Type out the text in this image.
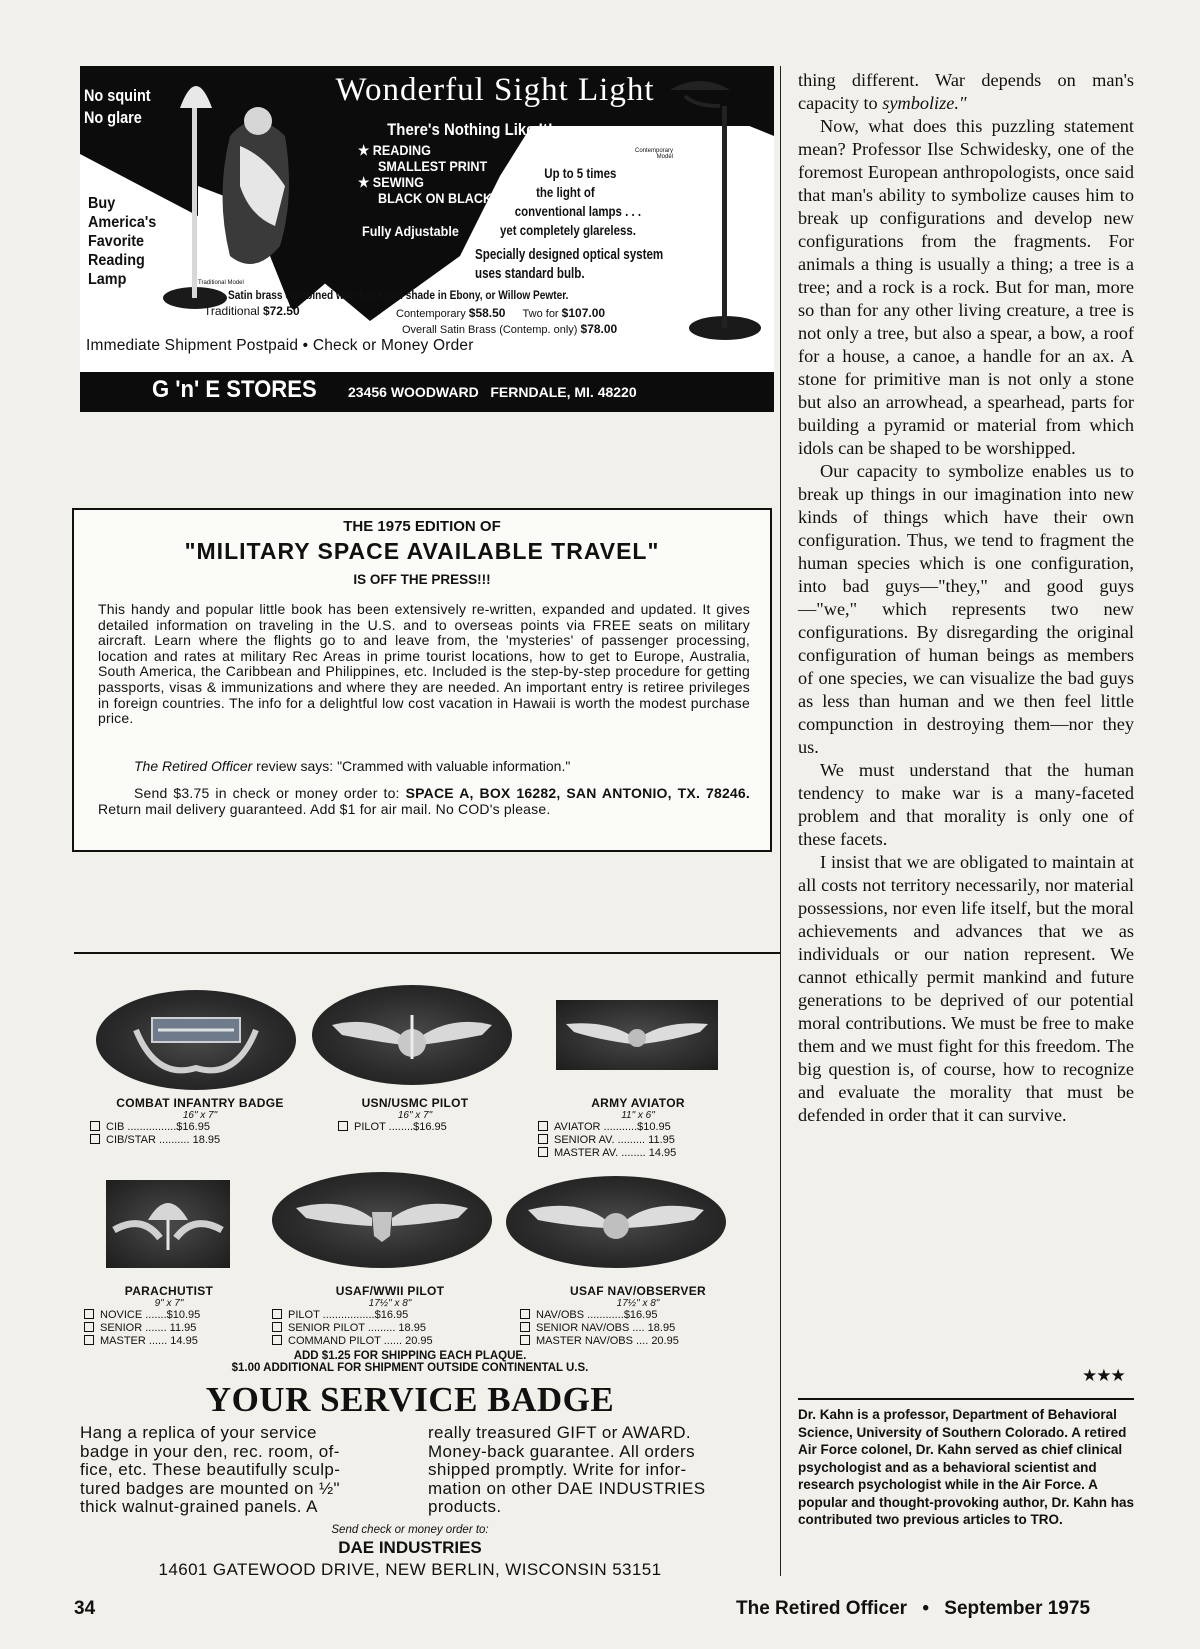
Wonderful Sight Light
There's Nothing Like It!
No squint
No glare
Buy
America's
Favorite
Reading
Lamp
★ READING
SMALLEST PRINT
★ SEWING
BLACK ON BLACK
Fully Adjustable
Contemporary Model
Traditional Model
Up to 5 times
the light of
conventional lamps . . .
yet completely glareless.
Specially designed optical system
uses standard bulb.
Satin brass combined with base and shade in Ebony, or Willow Pewter.
Traditional $72.50	Contemporary $58.50 Two for $107.00
Overall Satin Brass (Contemp. only) $78.00
Immediate Shipment Postpaid • Check or Money Order
G 'n' E STORES 23456 WOODWARD   FERNDALE, MI. 48220
THE 1975 EDITION OF
"MILITARY SPACE AVAILABLE TRAVEL"
IS OFF THE PRESS!!!
This handy and popular little book has been extensively re-written, expanded and updated. It gives detailed information on traveling in the U.S. and to overseas points via FREE seats on military aircraft. Learn where the flights go to and leave from, the 'mysteries' of passenger processing, location and rates at military Rec Areas in prime tourist locations, how to get to Europe, Australia, South America, the Caribbean and Philippines, etc. Included is the step-by-step procedure for getting passports, visas & immunizations and where they are needed. An important entry is retiree privileges in foreign countries. The info for a delightful low cost vacation in Hawaii is worth the modest purchase price.
The Retired Officer review says: "Crammed with valuable information."
Send $3.75 in check or money order to: SPACE A, BOX 16282, SAN ANTONIO, TX. 78246. Return mail delivery guaranteed. Add $1 for air mail. No COD's please.
COMBAT INFANTRY BADGE
16" x 7"
CIB ................$16.95
CIB/STAR .......... 18.95
USN/USMC PILOT
16" x 7"
PILOT ........$16.95
ARMY AVIATOR
11" x 6"
AVIATOR ...........$10.95
SENIOR AV. ......... 11.95
MASTER AV. ........ 14.95
PARACHUTIST
9" x 7"
NOVICE .......$10.95
SENIOR ....... 11.95
MASTER ...... 14.95
USAF/WWII PILOT
17½" x 8"
PILOT .................$16.95
SENIOR PILOT ......... 18.95
COMMAND PILOT ...... 20.95
USAF NAV/OBSERVER
17½" x 8"
NAV/OBS ............$16.95
SENIOR NAV/OBS .... 18.95
MASTER NAV/OBS .... 20.95
ADD $1.25 FOR SHIPPING EACH PLAQUE.
$1.00 ADDITIONAL FOR SHIPMENT OUTSIDE CONTINENTAL U.S.
YOUR SERVICE BADGE
Hang a replica of your service
badge in your den, rec. room, of-
fice, etc. These beautifully sculp-
tured badges are mounted on ½"
thick walnut-grained panels. A
really treasured GIFT or AWARD.
Money-back guarantee. All orders
shipped promptly. Write for infor-
mation on other DAE INDUSTRIES
products.
Send check or money order to:
DAE INDUSTRIES
14601 GATEWOOD DRIVE, NEW BERLIN, WISCONSIN 53151

thing different. War depends on man's capacity to symbolize."

Now, what does this puzzling statement mean? Professor Ilse Schwidesky, one of the foremost European anthropologists, once said that man's ability to symbolize causes him to break up configurations and develop new configurations from the fragments. For animals a thing is usually a thing; a tree is a tree; and a rock is a rock. But for man, more so than for any other living creature, a tree is not only a tree, but also a spear, a bow, a roof for a house, a canoe, a handle for an ax. A stone for primitive man is not only a stone but also an arrowhead, a spearhead, parts for building a pyramid or material from which idols can be shaped to be worshipped.

Our capacity to symbolize enables us to break up things in our imagination into new kinds of things which have their own configuration. Thus, we tend to fragment the human species which is one configuration, into bad guys—"they," and good guys—"we," which represents two new configurations. By disregarding the original configuration of human beings as members of one species, we can visualize the bad guys as less than human and we then feel little compunction in destroying them—nor they us.

We must understand that the human tendency to make war is a many-faceted problem and that morality is only one of these facets.

I insist that we are obligated to maintain at all costs not territory necessarily, nor material possessions, nor even life itself, but the moral achievements and advances that we as individuals or our nation represent. We cannot ethically permit mankind and future generations to be deprived of our potential moral contributions. We must be free to make them and we must fight for this freedom. The big question is, of course, how to recognize and evaluate the morality that must be defended in order that it can survive.

★★★
Dr. Kahn is a professor, Department of Behavioral Science, University of Southern Colorado. A retired Air Force colonel, Dr. Kahn served as chief clinical psychologist and as a behavioral scientist and research psychologist while in the Air Force. A popular and thought-provoking author, Dr. Kahn has contributed two previous articles to TRO.
34	The Retired Officer • September 1975
